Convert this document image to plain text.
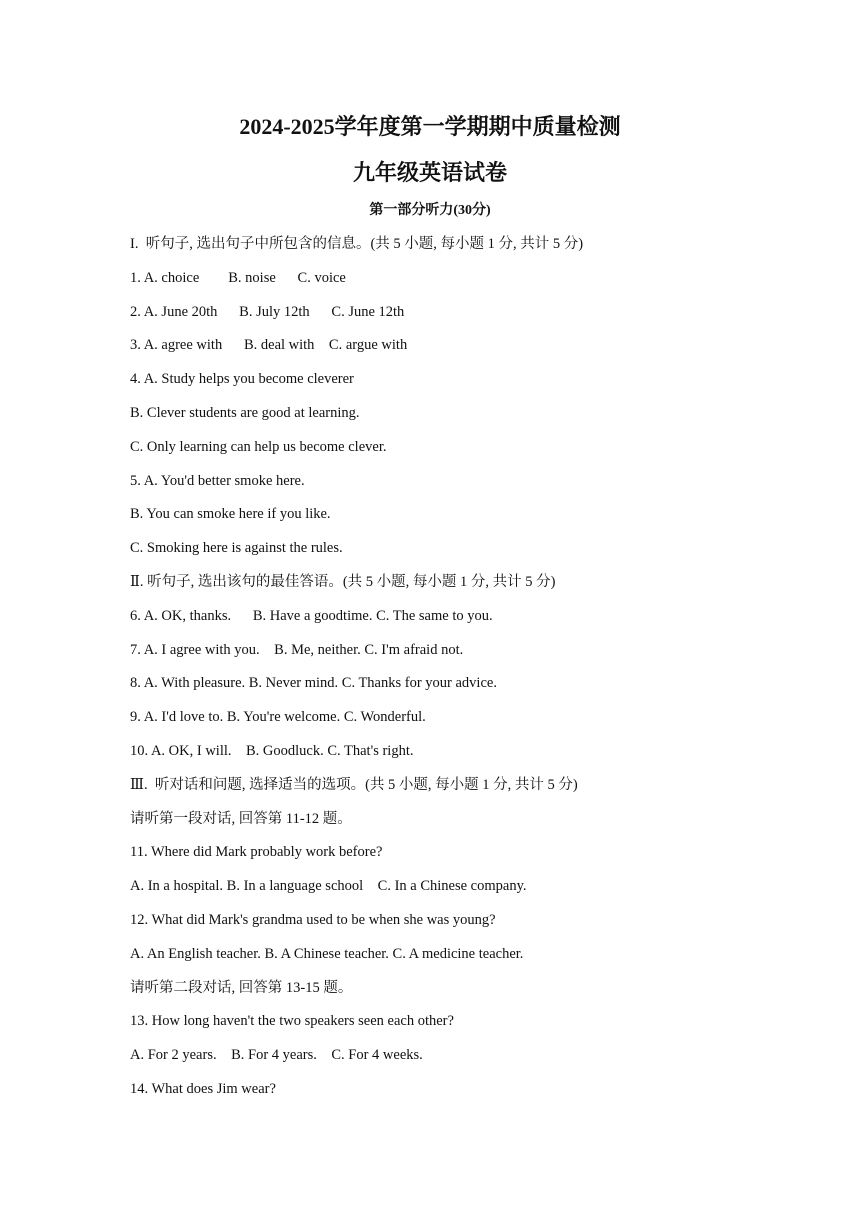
2024-2025学年度第一学期期中质量检测
九年级英语试卷
第一部分听力(30分)
I.  听句子, 选出句子中所包含的信息。(共 5 小题, 每小题 1 分, 共计 5 分)
1. A. choice        B. noise      C. voice
2. A. June 20th      B. July 12th      C. June 12th
3. A. agree with      B. deal with    C. argue with
4. A. Study helps you become cleverer
B. Clever students are good at learning.
C. Only learning can help us become clever.
5. A. You'd better smoke here.
B. You can smoke here if you like.
C. Smoking here is against the rules.
Ⅱ. 听句子, 选出该句的最佳答语。(共 5 小题, 每小题 1 分, 共计 5 分)
6. A. OK, thanks.      B. Have a goodtime. C. The same to you.
7. A. I agree with you.    B. Me, neither. C. I'm afraid not.
8. A. With pleasure. B. Never mind. C. Thanks for your advice.
9. A. I'd love to. B. You're welcome. C. Wonderful.
10. A. OK, I will.    B. Goodluck. C. That's right.
Ⅲ.  听对话和问题, 选择适当的选项。(共 5 小题, 每小题 1 分, 共计 5 分)
请听第一段对话, 回答第 11-12 题。
11. Where did Mark probably work before?
A. In a hospital. B. In a language school    C. In a Chinese company.
12. What did Mark's grandma used to be when she was young?
A. An English teacher. B. A Chinese teacher. C. A medicine teacher.
请听第二段对话, 回答第 13-15 题。
13. How long haven't the two speakers seen each other?
A. For 2 years.    B. For 4 years.    C. For 4 weeks.
14. What does Jim wear?
